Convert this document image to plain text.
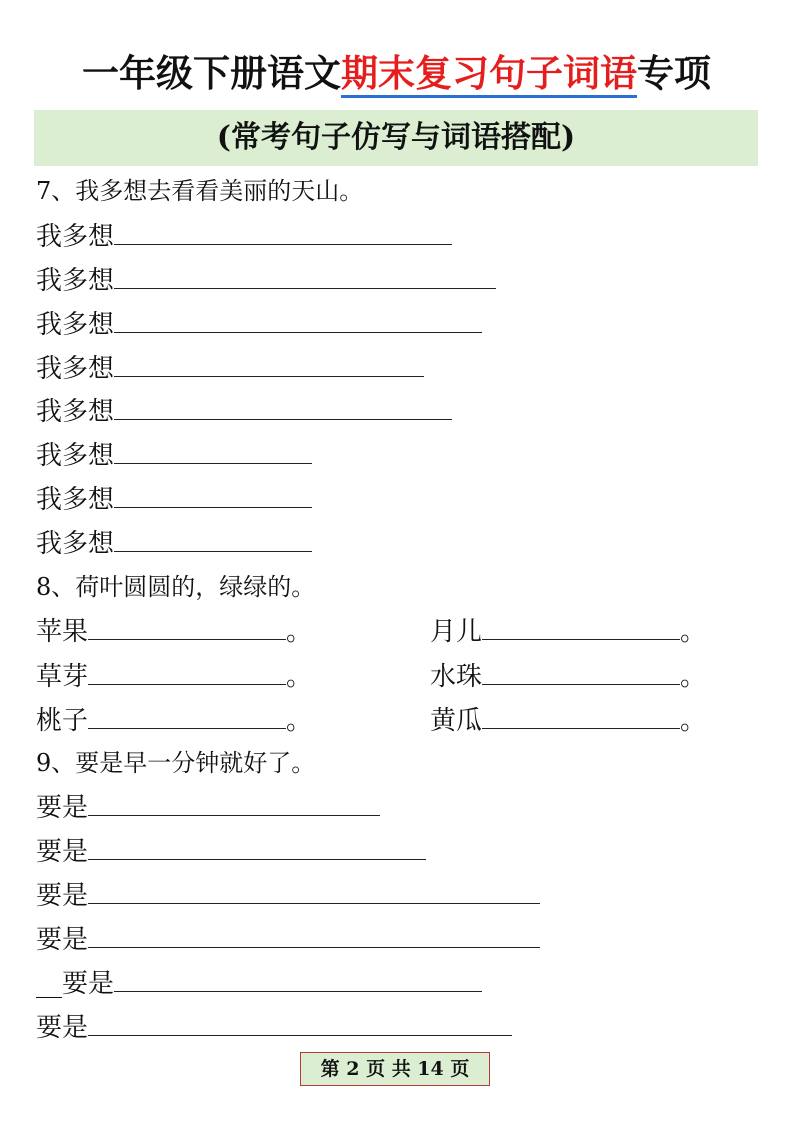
一年级下册语文期末复习句子词语专项
(常考句子仿写与词语搭配)
7、我多想去看看美丽的天山。
我多想
我多想
我多想
我多想
我多想
我多想
我多想
我多想
8、荷叶圆圆的，绿绿的。
苹果	。	月儿	。
草芽	。	水珠	。
桃子	。	黄瓜	。
9、要是早一分钟就好了。
要是
要是
要是
要是
__要是
要是
第 2 页 共 14 页
